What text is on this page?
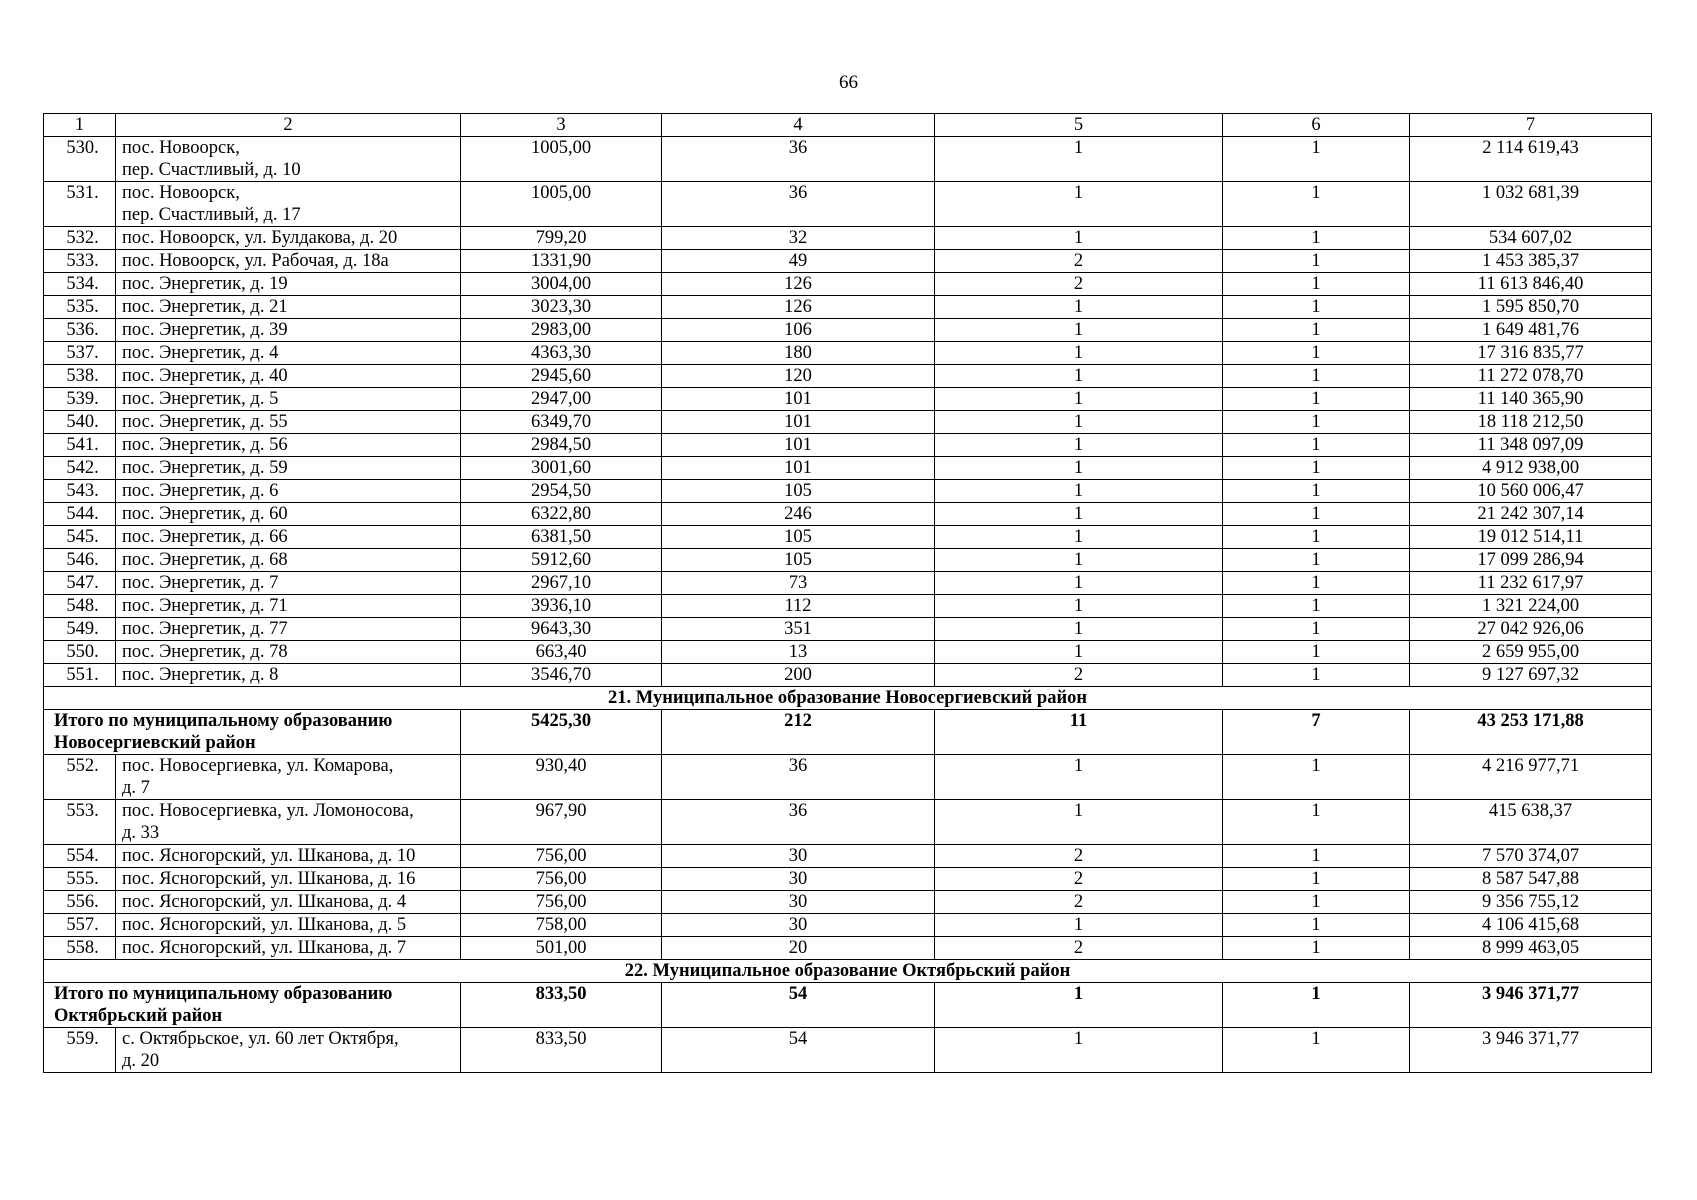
66
1	2	3	4	5	6	7
530.	пос. Новоорск,
пер. Счастливый, д. 10	1005,00	36	1	1	2 114 619,43
531.	пос. Новоорск,
пер. Счастливый, д. 17	1005,00	36	1	1	1 032 681,39
532.	пос. Новоорск, ул. Булдакова, д. 20	799,20	32	1	1	534 607,02
533.	пос. Новоорск, ул. Рабочая, д. 18а	1331,90	49	2	1	1 453 385,37
534.	пос. Энергетик, д. 19	3004,00	126	2	1	11 613 846,40
535.	пос. Энергетик, д. 21	3023,30	126	1	1	1 595 850,70
536.	пос. Энергетик, д. 39	2983,00	106	1	1	1 649 481,76
537.	пос. Энергетик, д. 4	4363,30	180	1	1	17 316 835,77
538.	пос. Энергетик, д. 40	2945,60	120	1	1	11 272 078,70
539.	пос. Энергетик, д. 5	2947,00	101	1	1	11 140 365,90
540.	пос. Энергетик, д. 55	6349,70	101	1	1	18 118 212,50
541.	пос. Энергетик, д. 56	2984,50	101	1	1	11 348 097,09
542.	пос. Энергетик, д. 59	3001,60	101	1	1	4 912 938,00
543.	пос. Энергетик, д. 6	2954,50	105	1	1	10 560 006,47
544.	пос. Энергетик, д. 60	6322,80	246	1	1	21 242 307,14
545.	пос. Энергетик, д. 66	6381,50	105	1	1	19 012 514,11
546.	пос. Энергетик, д. 68	5912,60	105	1	1	17 099 286,94
547.	пос. Энергетик, д. 7	2967,10	73	1	1	11 232 617,97
548.	пос. Энергетик, д. 71	3936,10	112	1	1	1 321 224,00
549.	пос. Энергетик, д. 77	9643,30	351	1	1	27 042 926,06
550.	пос. Энергетик, д. 78	663,40	13	1	1	2 659 955,00
551.	пос. Энергетик, д. 8	3546,70	200	2	1	9 127 697,32
21. Муниципальное образование Новосергиевский район						
Итого по муниципальному образованию
Новосергиевский район		5425,30	212	11	7	43 253 171,88
552.	пос. Новосергиевка, ул. Комарова,
д. 7	930,40	36	1	1	4 216 977,71
553.	пос. Новосергиевка, ул. Ломоносова,
д. 33	967,90	36	1	1	415 638,37
554.	пос. Ясногорский, ул. Шканова, д. 10	756,00	30	2	1	7 570 374,07
555.	пос. Ясногорский, ул. Шканова, д. 16	756,00	30	2	1	8 587 547,88
556.	пос. Ясногорский, ул. Шканова, д. 4	756,00	30	2	1	9 356 755,12
557.	пос. Ясногорский, ул. Шканова, д. 5	758,00	30	1	1	4 106 415,68
558.	пос. Ясногорский, ул. Шканова, д. 7	501,00	20	2	1	8 999 463,05
22. Муниципальное образование Октябрьский район						
Итого по муниципальному образованию
Октябрьский район		833,50	54	1	1	3 946 371,77
559.	с. Октябрьское, ул. 60 лет Октября,
д. 20	833,50	54	1	1	3 946 371,77
